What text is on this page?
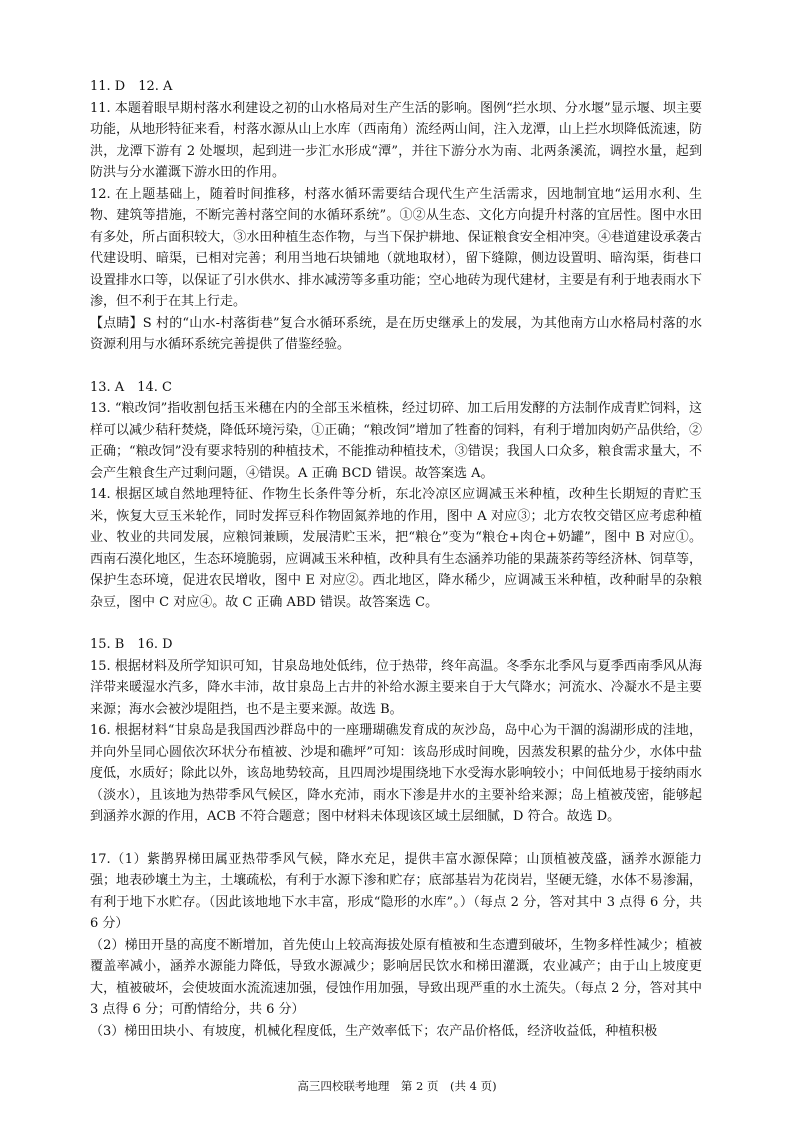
11. D　12. A

11. 本题着眼早期村落水利建设之初的山水格局对生产生活的影响。图例“拦水坝、分水堰”显示堰、坝主要功能，从地形特征来看，村落水源从山上水库（西南角）流经两山间，注入龙潭，山上拦水坝降低流速，防洪，龙潭下游有 2 处堰坝，起到进一步汇水形成“潭”，并往下游分水为南、北两条溪流，调控水量，起到防洪与分水灌溉下游水田的作用。

12. 在上题基础上，随着时间推移，村落水循环需要结合现代生产生活需求，因地制宜地“运用水利、生物、建筑等措施，不断完善村落空间的水循环系统”。①②从生态、文化方向提升村落的宜居性。图中水田有多处，所占面积较大，③水田种植生态作物，与当下保护耕地、保证粮食安全相冲突。④巷道建设承袭古代建设明、暗渠，已相对完善；利用当地石块铺地（就地取材），留下缝隙，侧边设置明、暗沟渠，街巷口设置排水口等，以保证了引水供水、排水减涝等多重功能；空心地砖为现代建材，主要是有利于地表雨水下渗，但不利于在其上行走。

【点睛】S 村的“山水-村落街巷”复合水循环系统，是在历史继承上的发展，为其他南方山水格局村落的水资源利用与水循环系统完善提供了借鉴经验。

13. A　14. C

13. “粮改饲”指收割包括玉米穗在内的全部玉米植株，经过切碎、加工后用发酵的方法制作成青贮饲料，这样可以减少秸秆焚烧，降低环境污染，①正确；“粮改饲”增加了牲畜的饲料，有利于增加肉奶产品供给，②正确；“粮改饲”没有要求特别的种植技术，不能推动种植技术，③错误；我国人口众多，粮食需求量大，不会产生粮食生产过剩问题，④错误。A 正确 BCD 错误。故答案选 A。

14. 根据区域自然地理特征、作物生长条件等分析，东北冷凉区应调减玉米种植，改种生长期短的青贮玉米，恢复大豆玉米轮作，同时发挥豆科作物固氮养地的作用，图中 A 对应③；北方农牧交错区应考虑种植业、牧业的共同发展，应粮饲兼顾，发展清贮玉米，把“粮仓”变为“粮仓+肉仓+奶罐”，图中 B 对应①。西南石漠化地区，生态环境脆弱，应调减玉米种植，改种具有生态涵养功能的果蔬茶药等经济林、饲草等，保护生态环境，促进农民增收，图中 E 对应②。西北地区，降水稀少，应调减玉米种植，改种耐旱的杂粮杂豆，图中 C 对应④。故 C 正确 ABD 错误。故答案选 C。

15. B　16. D

15. 根据材料及所学知识可知，甘泉岛地处低纬，位于热带，终年高温。冬季东北季风与夏季西南季风从海洋带来暖湿水汽多，降水丰沛，故甘泉岛上古井的补给水源主要来自于大气降水；河流水、冷凝水不是主要来源；海水会被沙堤阻挡，也不是主要来源。故选 B。

16. 根据材料“甘泉岛是我国西沙群岛中的一座珊瑚礁发育成的灰沙岛，岛中心为干涸的潟湖形成的洼地，并向外呈同心圆依次环状分布植被、沙堤和礁坪”可知：该岛形成时间晚，因蒸发积累的盐分少，水体中盐度低，水质好；除此以外，该岛地势较高，且四周沙堤围绕地下水受海水影响较小；中间低地易于接纳雨水（淡水），且该地为热带季风气候区，降水充沛，雨水下渗是井水的主要补给来源；岛上植被茂密，能够起到涵养水源的作用，ACB 不符合题意；图中材料未体现该区域土层细腻，D 符合。故选 D。

17.（1）紫鹊界梯田属亚热带季风气候，降水充足，提供丰富水源保障；山顶植被茂盛，涵养水源能力强；地表砂壤土为主，土壤疏松，有利于水源下渗和贮存；底部基岩为花岗岩，坚硬无缝，水体不易渗漏，有利于地下水贮存。（因此该地地下水丰富，形成“隐形的水库”。）（每点 2 分，答对其中 3 点得 6 分，共 6 分）

（2）梯田开垦的高度不断增加，首先使山上较高海拔处原有植被和生态遭到破坏，生物多样性减少；植被覆盖率减小，涵养水源能力降低，导致水源减少；影响居民饮水和梯田灌溉，农业减产；由于山上坡度更大，植被破坏，会使坡面水流流速加强，侵蚀作用加强，导致出现严重的水土流失。（每点 2 分，答对其中 3 点得 6 分；可酌情给分，共 6 分）

（3）梯田田块小、有坡度，机械化程度低，生产效率低下；农产品价格低，经济收益低，种植积极

高三四校联考地理　第 2 页　(共 4 页)
